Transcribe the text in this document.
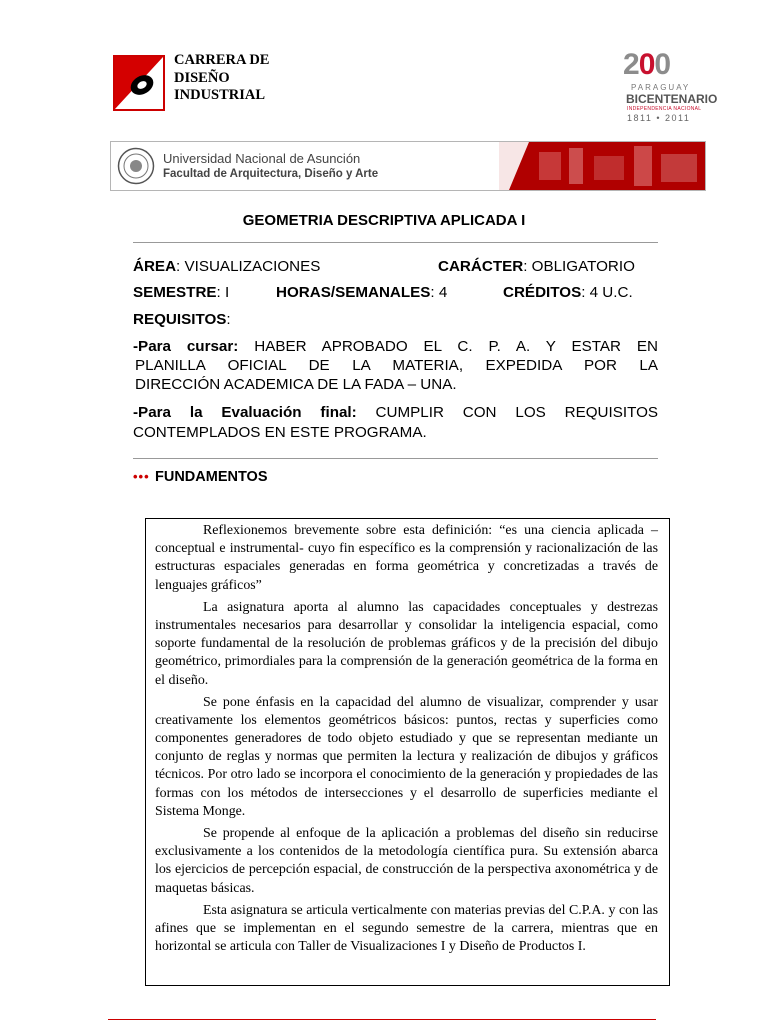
CARRERA DE
DISEÑO
INDUSTRIAL
200
PARAGUAY
BICENTENARIO
INDEPENDENCIA NACIONAL
1811 • 2011
Universidad Nacional de Asunción
Facultad de Arquitectura, Diseño y Arte
GEOMETRIA DESCRIPTIVA APLICADA I
ÁREA: VISUALIZACIONES	CARÁCTER: OBLIGATORIO
SEMESTRE: I	HORAS/SEMANALES: 4	CRÉDITOS: 4 U.C.
REQUISITOS:
-Para cursar: HABER APROBADO EL C. P. A. Y ESTAR EN
PLANILLA OFICIAL DE LA MATERIA, EXPEDIDA POR LA
DIRECCIÓN ACADEMICA DE LA FADA – UNA.
-Para la Evaluación final: CUMPLIR CON LOS REQUISITOS
CONTEMPLADOS EN ESTE PROGRAMA.
••• FUNDAMENTOS

Reflexionemos brevemente sobre esta definición: “es una ciencia aplicada –conceptual e instrumental- cuyo fin específico es la comprensión y racionalización de las estructuras espaciales generadas en forma geométrica y concretizadas a través de lenguajes gráficos”

La asignatura aporta al alumno las capacidades conceptuales y destrezas instrumentales necesarios para desarrollar y consolidar la inteligencia espacial, como soporte fundamental de la resolución de problemas gráficos y de la precisión del dibujo geométrico, primordiales para la comprensión de la generación geométrica de la forma en el diseño.

Se pone énfasis en la capacidad del alumno de visualizar, comprender y usar creativamente los elementos geométricos básicos: puntos, rectas y superficies como componentes generadores de todo objeto estudiado y que se representan mediante un conjunto de reglas y normas que permiten la lectura y realización de dibujos y gráficos técnicos. Por otro lado se incorpora el conocimiento de la generación y propiedades de las formas con los métodos de intersecciones y el desarrollo de superficies mediante el Sistema Monge.

Se propende al enfoque de la aplicación a problemas del diseño sin reducirse exclusivamente a los contenidos de la metodología científica pura. Su extensión abarca los ejercicios de percepción espacial, de construcción de la perspectiva axonométrica y de maquetas básicas.

Esta asignatura se articula verticalmente con materias previas del C.P.A. y con las afines que se implementan en el segundo semestre de la carrera, mientras que en horizontal se articula con Taller de Visualizaciones I y Diseño de Productos I.
